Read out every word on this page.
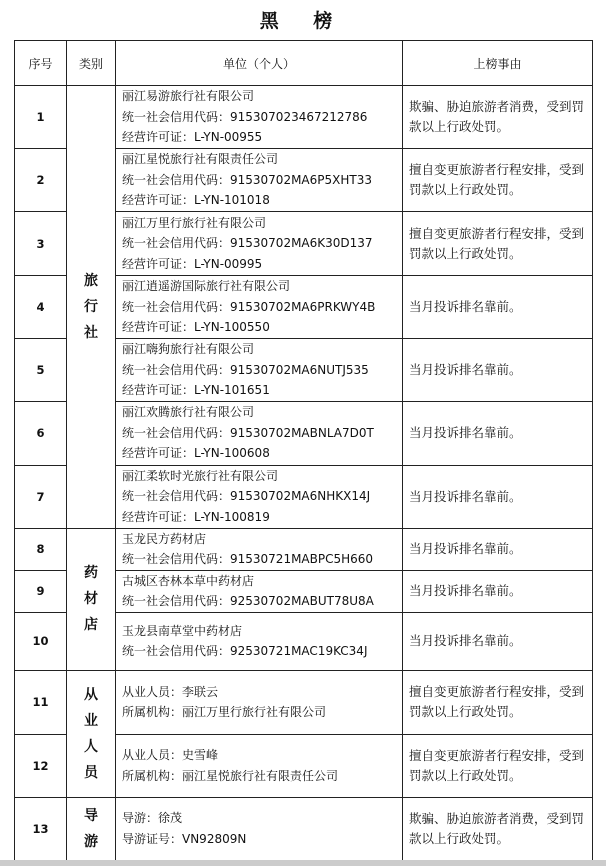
黑 榜
序号	类别	单位（个人）	上榜事由
1	旅
行
社	丽江易游旅行社有限公司
统一社会信用代码：915307023467212786
经营许可证：L-YN-00955	欺骗、胁迫旅游者消费，受到罚款以上行政处罚。
2		丽江星悦旅行社有限责任公司
统一社会信用代码：91530702MA6P5XHT33
经营许可证：L-YN-101018	擅自变更旅游者行程安排，受到罚款以上行政处罚。
3		丽江万里行旅行社有限公司
统一社会信用代码：91530702MA6K30D137
经营许可证：L-YN-00995	擅自变更旅游者行程安排，受到罚款以上行政处罚。
4		丽江逍遥游国际旅行社有限公司
统一社会信用代码：91530702MA6PRKWY4B
经营许可证：L-YN-100550	当月投诉排名靠前。
5		丽江嗨狗旅行社有限公司
统一社会信用代码：91530702MA6NUTJ535
经营许可证：L-YN-101651	当月投诉排名靠前。
6		丽江欢腾旅行社有限公司
统一社会信用代码：91530702MABNLA7D0T
经营许可证：L-YN-100608	当月投诉排名靠前。
7		丽江柔软时光旅行社有限公司
统一社会信用代码：91530702MA6NHKX14J
经营许可证：L-YN-100819	当月投诉排名靠前。
8	药
材
店	玉龙民方药材店
统一社会信用代码：91530721MABPC5H660	当月投诉排名靠前。
9		古城区杏林本草中药材店
统一社会信用代码：92530702MABUT78U8A	当月投诉排名靠前。
10		玉龙县南草堂中药材店
统一社会信用代码：92530721MAC19KC34J	当月投诉排名靠前。
11	从
业
人
员	从业人员：李联云
所属机构：丽江万里行旅行社有限公司	擅自变更旅游者行程安排，受到罚款以上行政处罚。
12		从业人员：史雪峰
所属机构：丽江星悦旅行社有限责任公司	擅自变更旅游者行程安排，受到罚款以上行政处罚。
13	导
游	导游：徐茂
导游证号：VN92809N	欺骗、胁迫旅游者消费，受到罚款以上行政处罚。
